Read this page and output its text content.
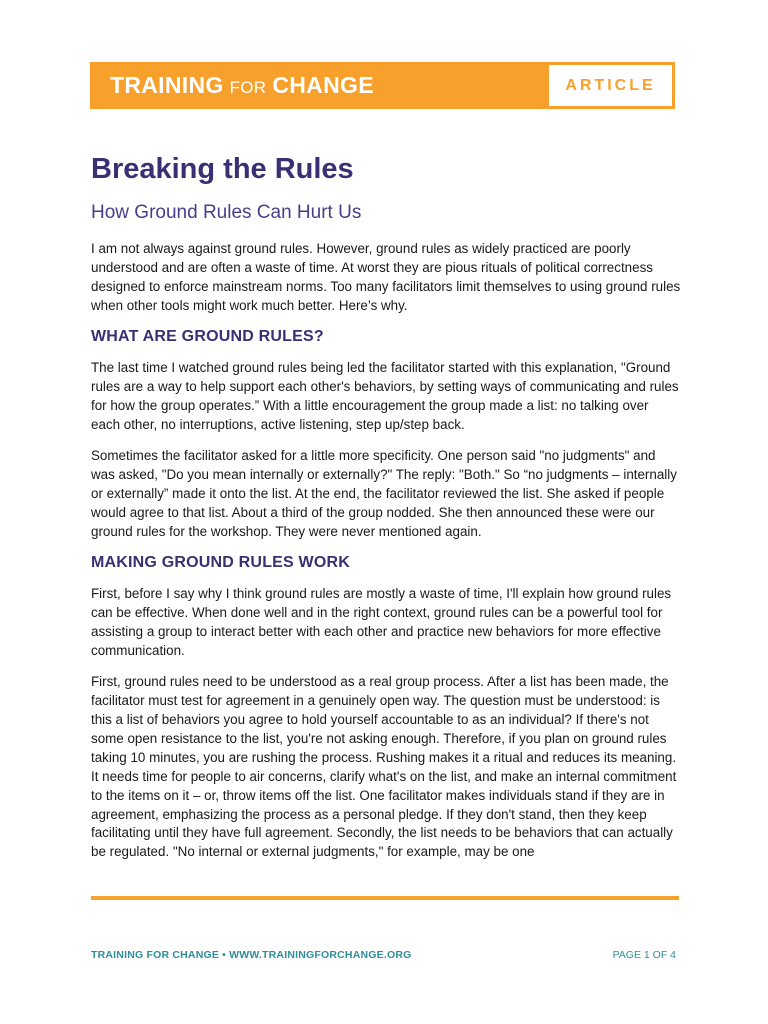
TRAINING FOR CHANGE	ARTICLE
Breaking the Rules
How Ground Rules Can Hurt Us

I am not always against ground rules. However, ground rules as widely practiced are poorly understood and are often a waste of time. At worst they are pious rituals of political correctness designed to enforce mainstream norms. Too many facilitators limit themselves to using ground rules when other tools might work much better. Here’s why.

WHAT ARE GROUND RULES?

The last time I watched ground rules being led the facilitator started with this explanation, "Ground rules are a way to help support each other's behaviors, by setting ways of communicating and rules for how the group operates.” With a little encouragement the group made a list: no talking over each other, no interruptions, active listening, step up/step back.

Sometimes the facilitator asked for a little more specificity. One person said "no judgments" and was asked, "Do you mean internally or externally?" The reply: "Both." So “no judgments – internally or externally” made it onto the list. At the end, the facilitator reviewed the list. She asked if people would agree to that list. About a third of the group nodded. She then announced these were our ground rules for the workshop. They were never mentioned again.

MAKING GROUND RULES WORK

First, before I say why I think ground rules are mostly a waste of time, I'll explain how ground rules can be effective. When done well and in the right context, ground rules can be a powerful tool for assisting a group to interact better with each other and practice new behaviors for more effective communication.

First, ground rules need to be understood as a real group process. After a list has been made, the facilitator must test for agreement in a genuinely open way. The question must be understood: is this a list of behaviors you agree to hold yourself accountable to as an individual? If there's not some open resistance to the list, you're not asking enough. Therefore, if you plan on ground rules taking 10 minutes, you are rushing the process. Rushing makes it a ritual and reduces its meaning. It needs time for people to air concerns, clarify what's on the list, and make an internal commitment to the items on it – or, throw items off the list. One facilitator makes individuals stand if they are in agreement, emphasizing the process as a personal pledge. If they don't stand, then they keep facilitating until they have full agreement. Secondly, the list needs to be behaviors that can actually be regulated. "No internal or external judgments," for example, may be one

TRAINING FOR CHANGE • WWW.TRAININGFORCHANGE.ORG	PAGE 1 OF 4
